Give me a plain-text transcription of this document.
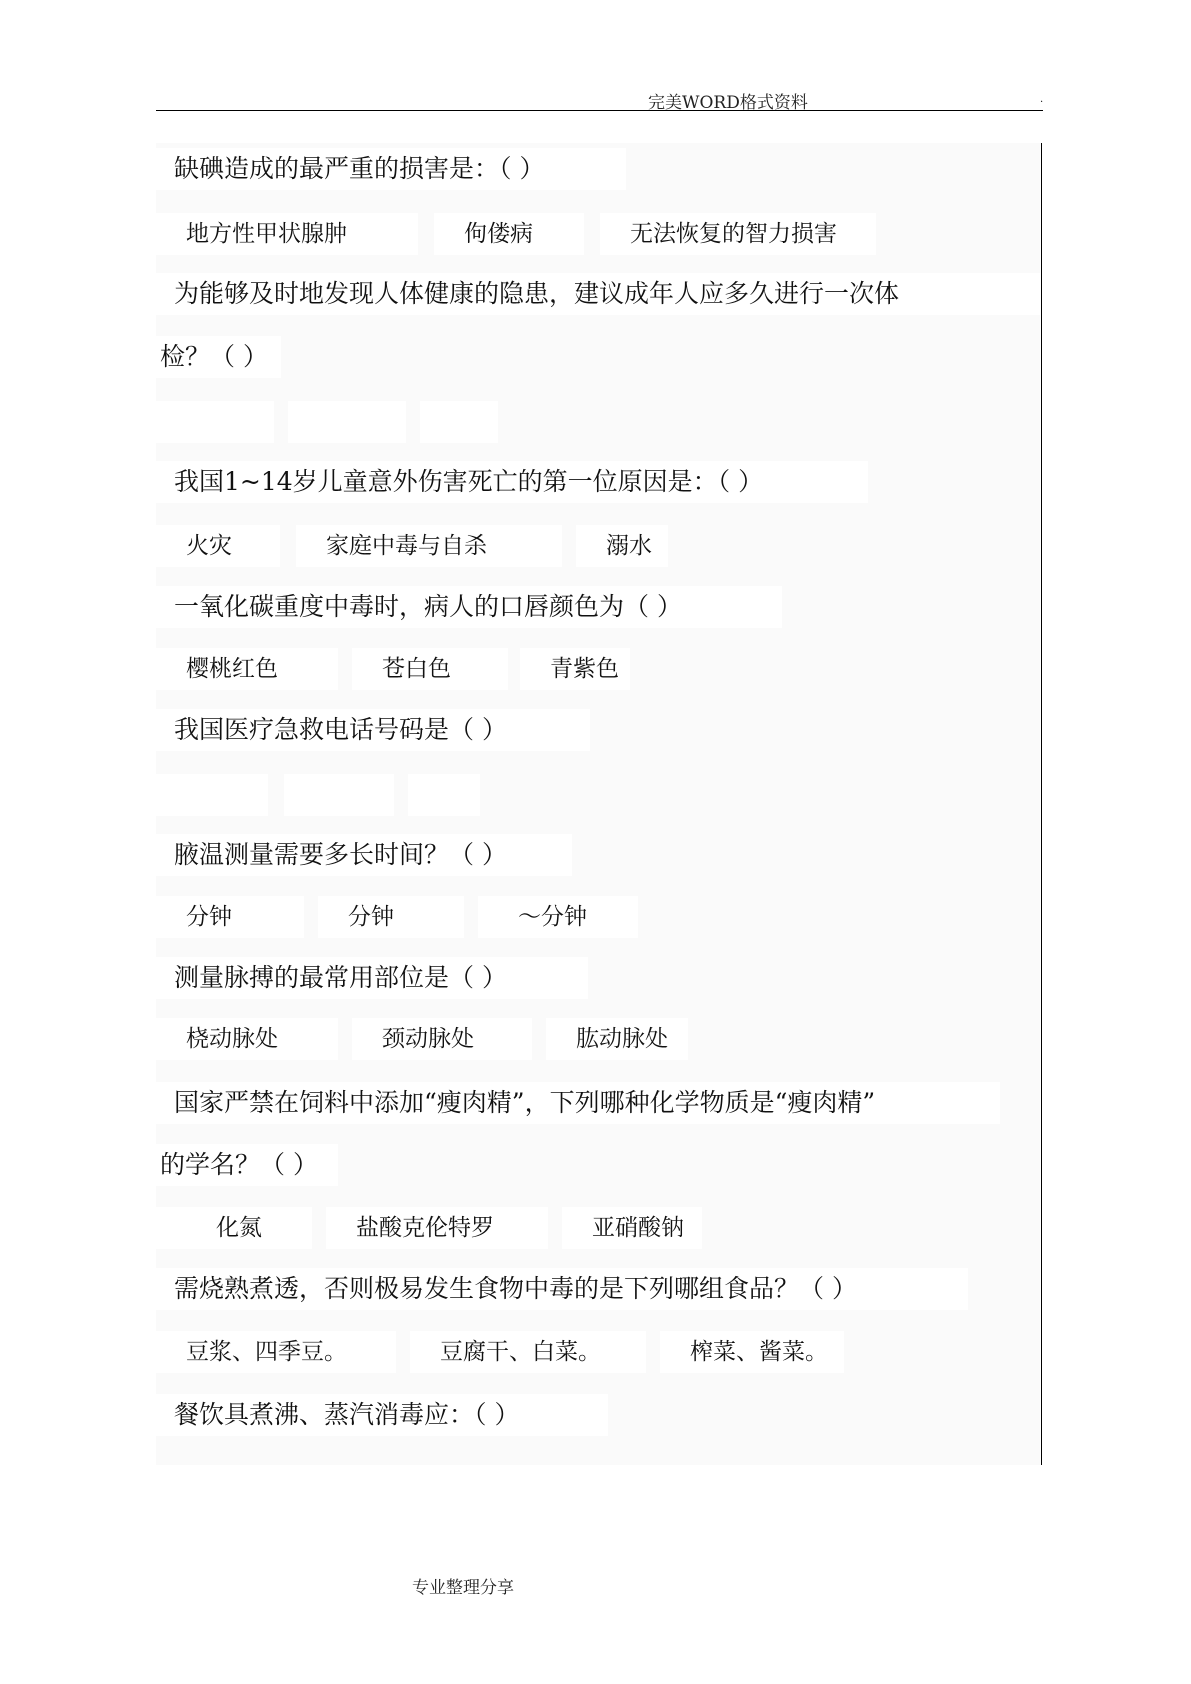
完美WORD格式资料	.
缺碘造成的最严重的损害是：（ ）
地方性甲状腺肿	佝偻病	无法恢复的智力损害
为能够及时地发现人体健康的隐患，建议成年人应多久进行一次体
检？（ ）
我国1~14岁儿童意外伤害死亡的第一位原因是：（ ）
火灾	家庭中毒与自杀	溺水
一氧化碳重度中毒时，病人的口唇颜色为（ ）
樱桃红色	苍白色	青紫色
我国医疗急救电话号码是（ ）
腋温测量需要多长时间？（ ）
分钟	分钟	～分钟
测量脉搏的最常用部位是（ ）
桡动脉处	颈动脉处	肱动脉处
国家严禁在饲料中添加“瘦肉精”，下列哪种化学物质是“瘦肉精”
的学名？（ ）
化氮	盐酸克伦特罗	亚硝酸钠
需烧熟煮透，否则极易发生食物中毒的是下列哪组食品？（ ）
豆浆、四季豆。	豆腐干、白菜。	榨菜、酱菜。
餐饮具煮沸、蒸汽消毒应：（ ）
专业整理分享
